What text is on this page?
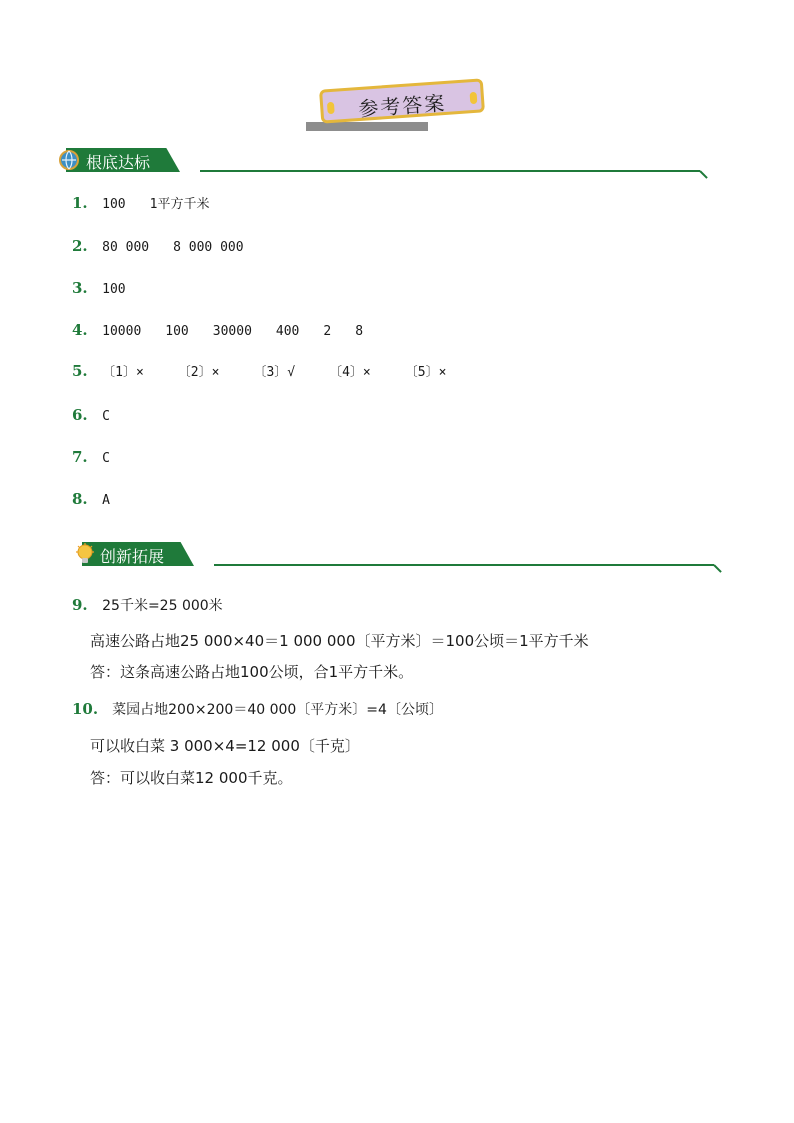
参考答案
根底达标
1. 100 1平方千米
2. 80 000 8 000 000
3. 100
4. 10000 100 30000 400 2 8
5. 〔1〕×	〔2〕×	〔3〕√	〔4〕×	〔5〕×
6. C
7. C
8. A
创新拓展
9. 25千米=25 000米
高速公路占地25 000×40＝1 000 000〔平方米〕＝100公顷＝1平方千米
答：这条高速公路占地100公顷，合1平方千米。
10. 菜园占地200×200＝40 000〔平方米〕=4〔公顷〕
可以收白菜 3 000×4=12 000〔千克〕
答：可以收白菜12 000千克。
